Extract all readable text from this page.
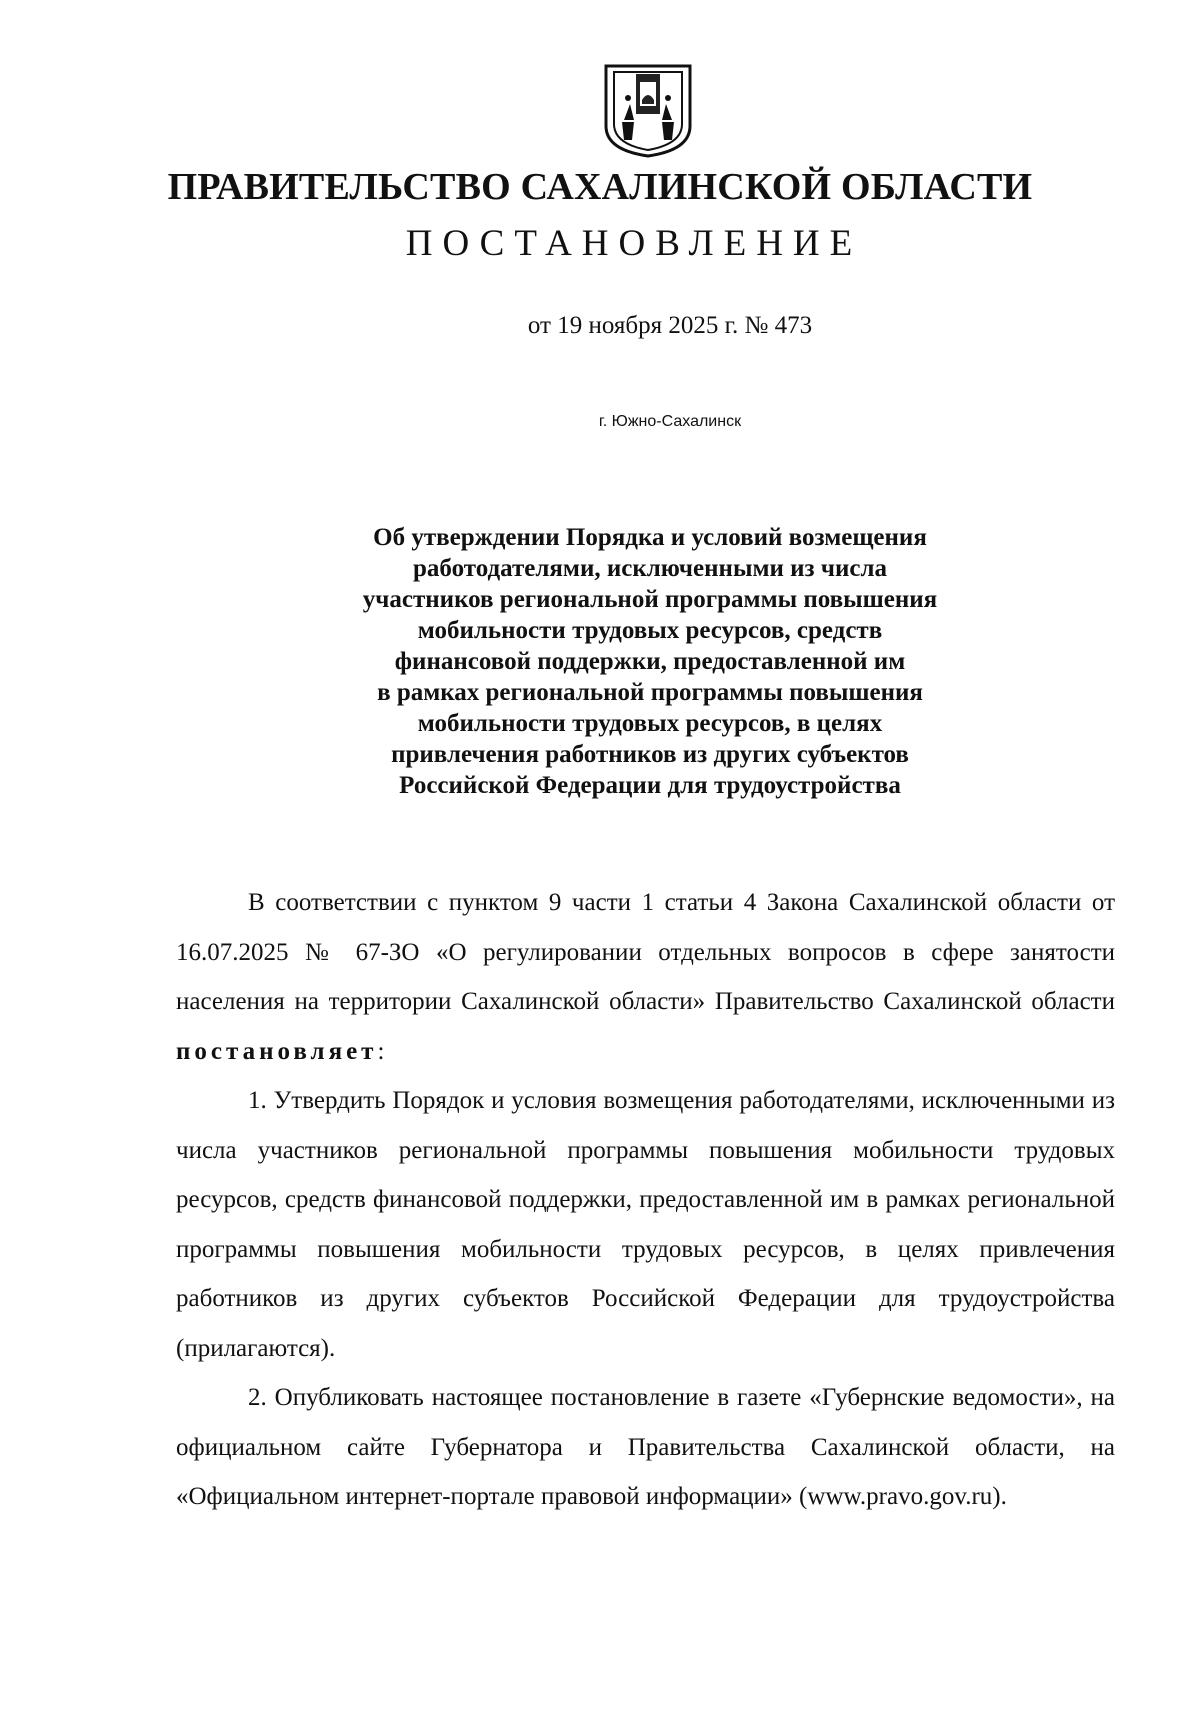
ПРАВИТЕЛЬСТВО САХАЛИНСКОЙ ОБЛАСТИ
ПОСТАНОВЛЕНИЕ
от 19 ноября 2025 г. № 473
г. Южно-Сахалинск
Об утверждении Порядка и условий возмещения
работодателями, исключенными из числа
участников региональной программы повышения
мобильности трудовых ресурсов, средств
финансовой поддержки, предоставленной им
в рамках региональной программы повышения
мобильности трудовых ресурсов, в целях
привлечения работников из других субъектов
Российской Федерации для трудоустройства

В соответствии с пунктом 9 части 1 статьи 4 Закона Сахалинской области от 16.07.2025 № 67-ЗО «О регулировании отдельных вопросов в сфере занятости населения на территории Сахалинской области» Правительство Сахалинской области постановляет:

1. Утвердить Порядок и условия возмещения работодателями, исключенными из числа участников региональной программы повышения мобильности трудовых ресурсов, средств финансовой поддержки, предоставленной им в рамках региональной программы повышения мобильности трудовых ресурсов, в целях привлечения работников из других субъектов Российской Федерации для трудоустройства (прилагаются).

2. Опубликовать настоящее постановление в газете «Губернские ведомости», на официальном сайте Губернатора и Правительства Сахалинской области, на «Официальном интернет-портале правовой информации» (www.pravo.gov.ru).
